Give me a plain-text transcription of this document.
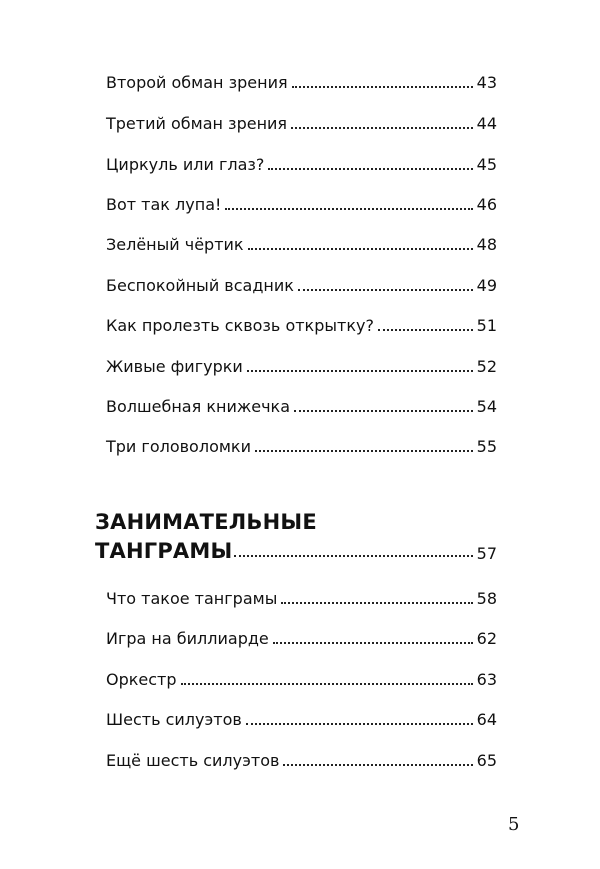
Второй обман зрения	43
Третий обман зрения	44
Циркуль или глаз?	45
Вот так лупа!	46
Зелёный чёртик	48
Беспокойный всадник	49
Как пролезть сквозь открытку?	51
Живые фигурки	52
Волшебная книжечка	54
Три головоломки	55
ЗАНИМАТЕЛЬНЫЕ
ТАНГРАМЫ	57
Что такое танграмы	58
Игра на биллиарде	62
Оркестр	63
Шесть силуэтов	64
Ещё шесть силуэтов	65
5
